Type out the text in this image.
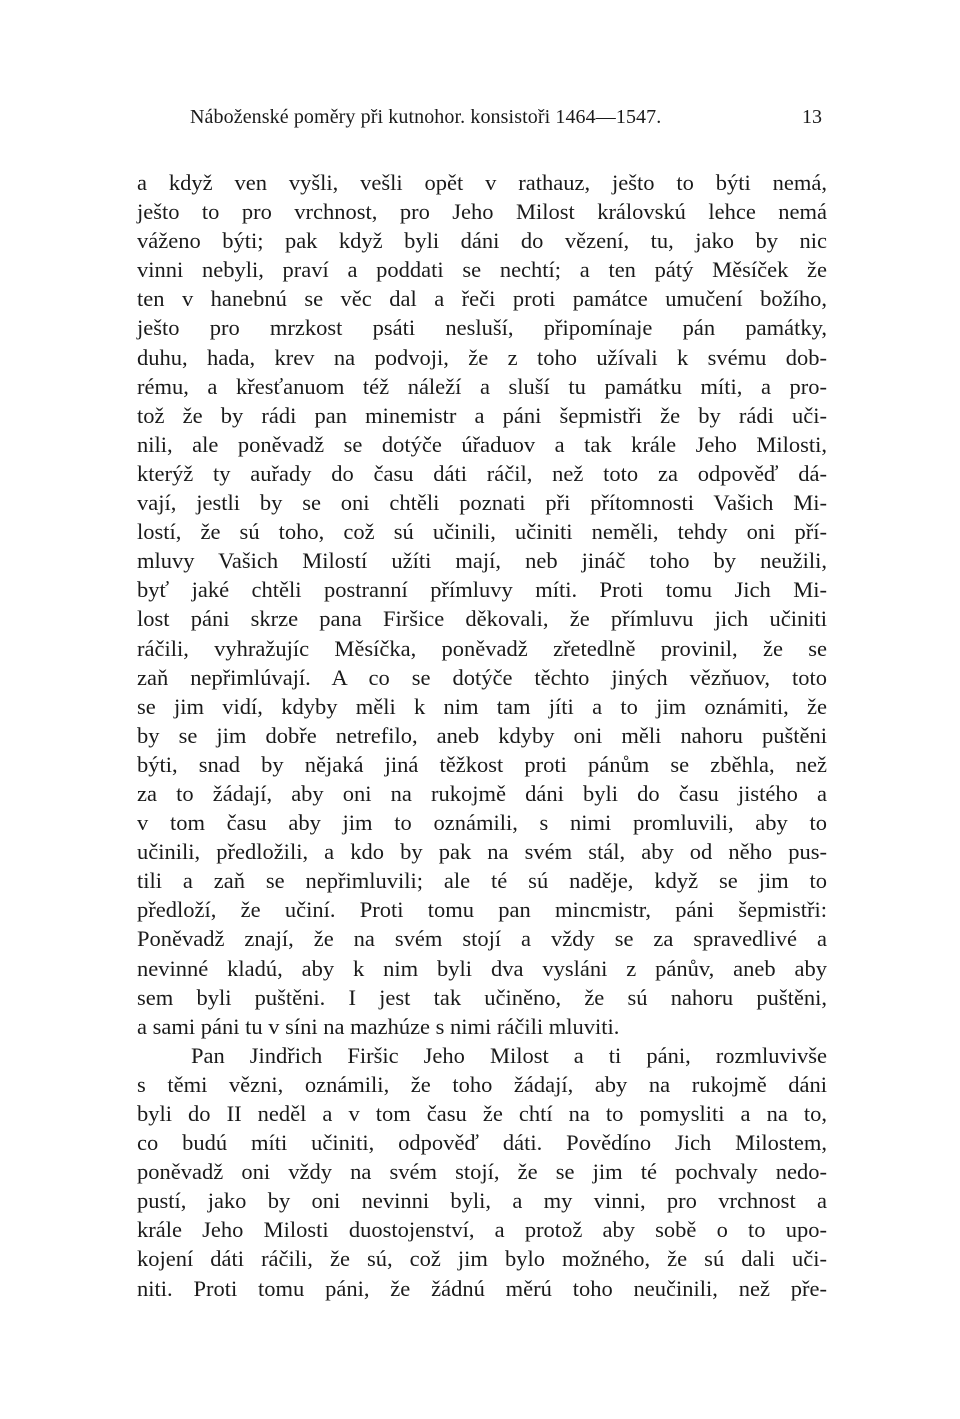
Náboženské poměry při kutnohor. konsistoři 1464—1547.	13
a když ven vyšli, vešli opět v rathauz, ješto to býti nemá,
ješto to pro vrchnost, pro Jeho Milost královskú lehce nemá
váženo býti; pak když byli dáni do vězení, tu, jako by nic
vinni nebyli, praví a poddati se nechtí; a ten pátý Měsíček že
ten v hanebnú se věc dal a řeči proti památce umučení božího,
ješto pro mrzkost psáti nesluší, připomínaje pán památky,
duhu, hada, krev na podvoji, že z toho užívali k svému dob-
rému, a křesťanuom též náleží a sluší tu památku míti, a pro-
tož že by rádi pan minemistr a páni šepmistři že by rádi uči-
nili, ale poněvadž se dotýče úřaduov a tak krále Jeho Milosti,
kterýž ty auřady do času dáti ráčil, než toto za odpověď dá-
vají, jestli by se oni chtěli poznati při přítomnosti Vašich Mi-
lostí, že sú toho, což sú učinili, učiniti neměli, tehdy oni pří-
mluvy Vašich Milostí užíti mají, neb jináč toho by neužili,
byť jaké chtěli postranní přímluvy míti. Proti tomu Jich Mi-
lost páni skrze pana Firšice děkovali, že přímluvu jich učiniti
ráčili, vyhražujíc Měsíčka, poněvadž zřetedlně provinil, že se
zaň nepřimlúvají. A co se dotýče těchto jiných vězňuov, toto
se jim vidí, kdyby měli k nim tam jíti a to jim oznámiti, že
by se jim dobře netrefilo, aneb kdyby oni měli nahoru puštěni
býti, snad by nějaká jiná těžkost proti pánům se zběhla, než
za to žádají, aby oni na rukojmě dáni byli do času jistého a
v tom času aby jim to oznámili, s nimi promluvili, aby to
učinili, předložili, a kdo by pak na svém stál, aby od něho pus-
tili a zaň se nepřimluvili; ale té sú naděje, když se jim to
předloží, že učiní. Proti tomu pan mincmistr, páni šepmistři:
Poněvadž znají, že na svém stojí a vždy se za spravedlivé a
nevinné kladú, aby k nim byli dva vysláni z pánův, aneb aby
sem byli puštěni. I jest tak učiněno, že sú nahoru puštěni,
a sami páni tu v síni na mazhúze s nimi ráčili mluviti.
Pan Jindřich Firšic Jeho Milost a ti páni, rozmluvivše
s těmi vězni, oznámili, že toho žádají, aby na rukojmě dáni
byli do II neděl a v tom času že chtí na to pomysliti a na to,
co budú míti učiniti, odpověď dáti. Povědíno Jich Milostem,
poněvadž oni vždy na svém stojí, že se jim té pochvaly nedo-
pustí, jako by oni nevinni byli, a my vinni, pro vrchnost a
krále Jeho Milosti duostojenství, a protož aby sobě o to upo-
kojení dáti ráčili, že sú, což jim bylo možného, že sú dali uči-
niti. Proti tomu páni, že žádnú měrú toho neučinili, než pře-
